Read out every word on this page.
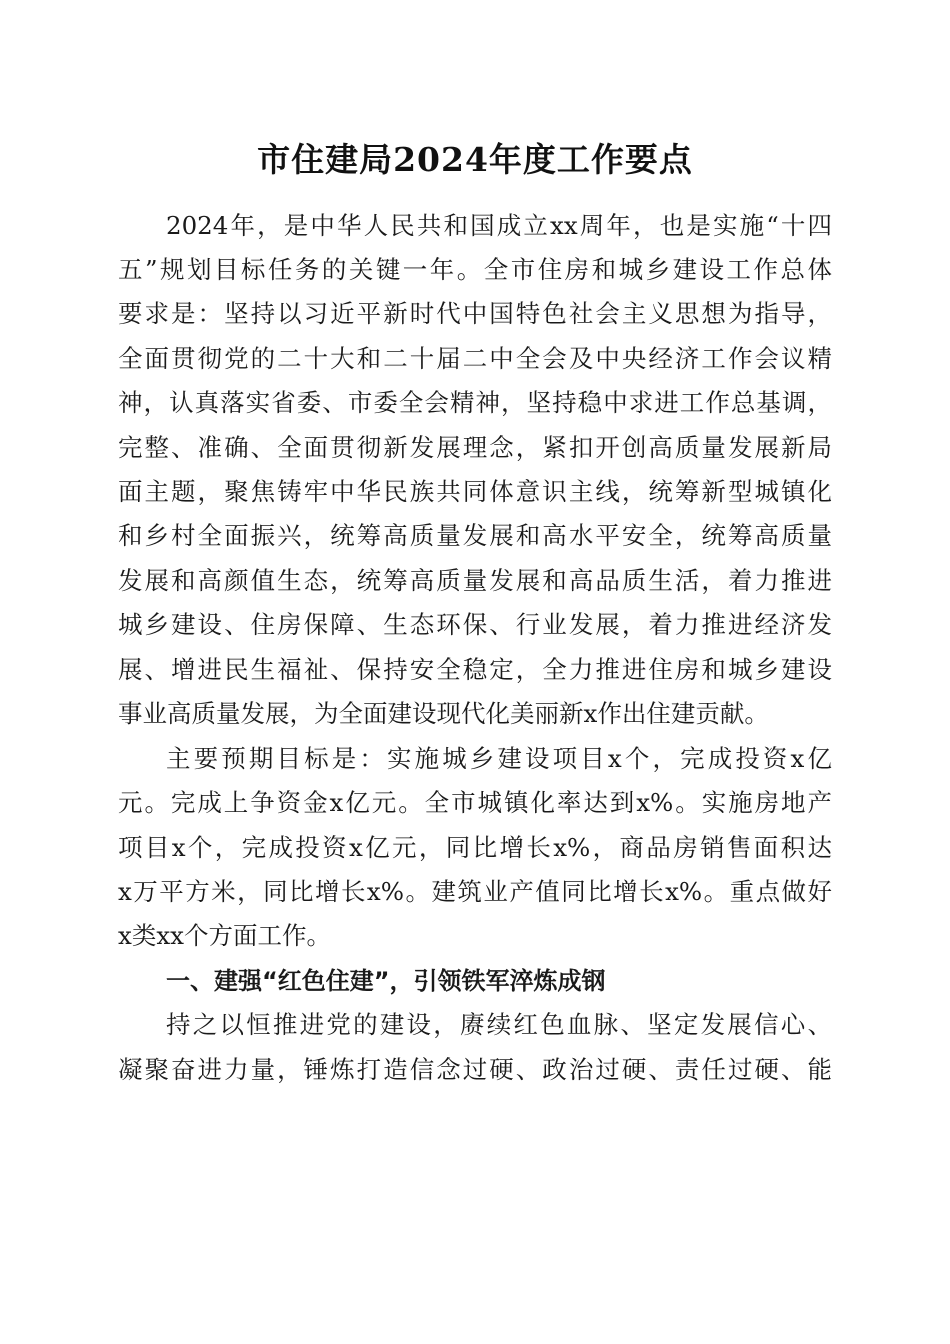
市住建局2024年度工作要点
2024年，是中华人民共和国成立xx周年，也是实施“十四
五”规划目标任务的关键一年。全市住房和城乡建设工作总体
要求是：坚持以习近平新时代中国特色社会主义思想为指导，
全面贯彻党的二十大和二十届二中全会及中央经济工作会议精
神，认真落实省委、市委全会精神，坚持稳中求进工作总基调，
完整、准确、全面贯彻新发展理念，紧扣开创高质量发展新局
面主题，聚焦铸牢中华民族共同体意识主线，统筹新型城镇化
和乡村全面振兴，统筹高质量发展和高水平安全，统筹高质量
发展和高颜值生态，统筹高质量发展和高品质生活，着力推进
城乡建设、住房保障、生态环保、行业发展，着力推进经济发
展、增进民生福祉、保持安全稳定，全力推进住房和城乡建设
事业高质量发展，为全面建设现代化美丽新x作出住建贡献。
主要预期目标是：实施城乡建设项目x个，完成投资x亿
元。完成上争资金x亿元。全市城镇化率达到x%。实施房地产
项目x个，完成投资x亿元，同比增长x%，商品房销售面积达
x万平方米，同比增长x%。建筑业产值同比增长x%。重点做好
x类xx个方面工作。
一、建强“红色住建”，引领铁军淬炼成钢
持之以恒推进党的建设，赓续红色血脉、坚定发展信心、
凝聚奋进力量，锤炼打造信念过硬、政治过硬、责任过硬、能
